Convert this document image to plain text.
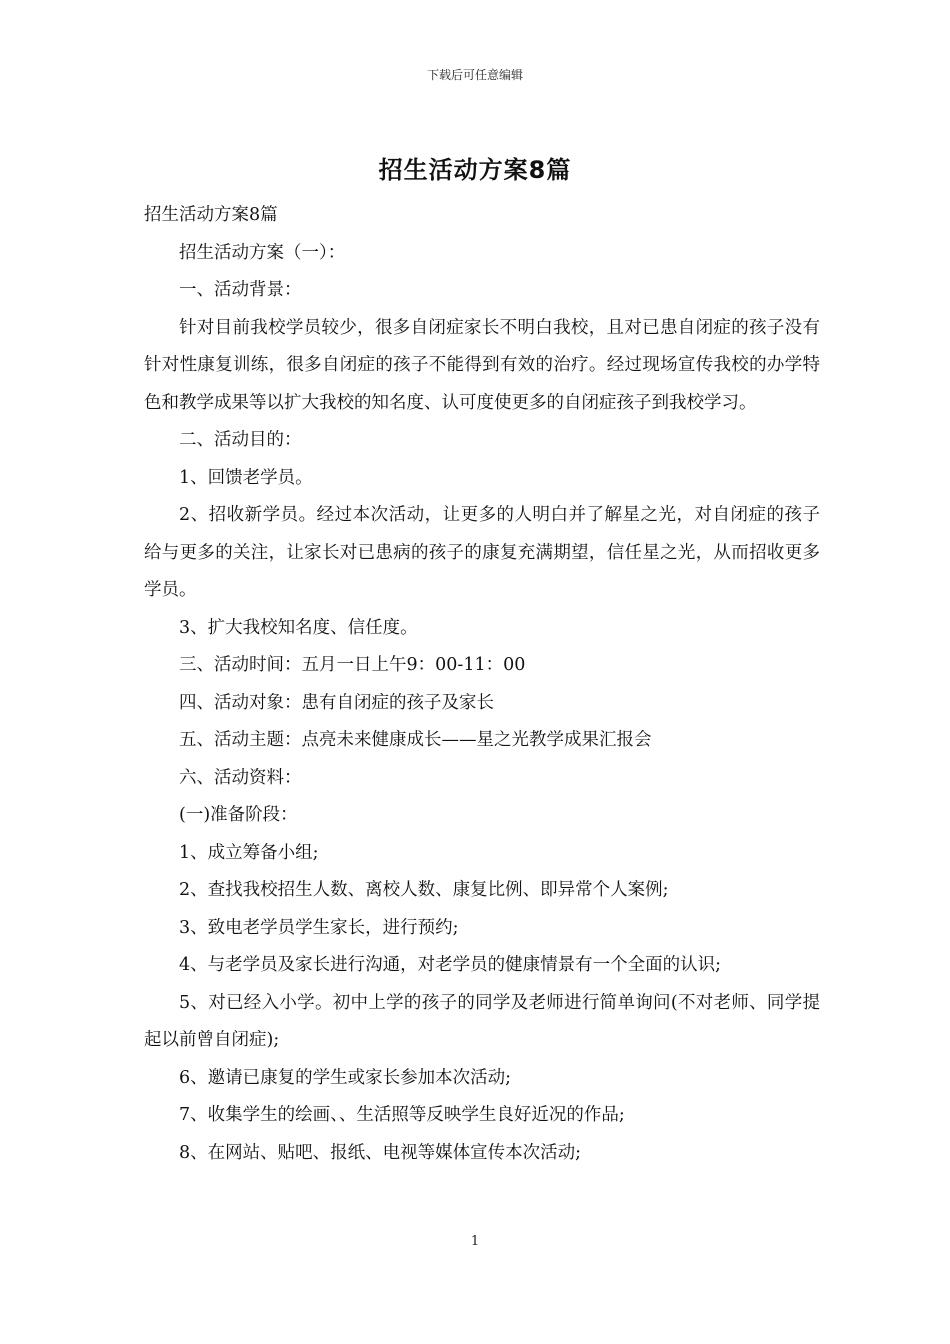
下载后可任意编辑
招生活动方案8篇

招生活动方案8篇

招生活动方案（一）：

一、活动背景：

针对目前我校学员较少，很多自闭症家长不明白我校，且对已患自闭症的孩子没有针对性康复训练，很多自闭症的孩子不能得到有效的治疗。经过现场宣传我校的办学特色和教学成果等以扩大我校的知名度、认可度使更多的自闭症孩子到我校学习。

二、活动目的：

1、回馈老学员。

2、招收新学员。经过本次活动，让更多的人明白并了解星之光，对自闭症的孩子给与更多的关注，让家长对已患病的孩子的康复充满期望，信任星之光，从而招收更多学员。

3、扩大我校知名度、信任度。

三、活动时间：五月一日上午9：00-11：00

四、活动对象：患有自闭症的孩子及家长

五、活动主题：点亮未来健康成长——星之光教学成果汇报会

六、活动资料：

(一)准备阶段：

1、成立筹备小组;

2、查找我校招生人数、离校人数、康复比例、即异常个人案例;

3、致电老学员学生家长，进行预约;

4、与老学员及家长进行沟通，对老学员的健康情景有一个全面的认识;

5、对已经入小学。初中上学的孩子的同学及老师进行简单询问(不对老师、同学提起以前曾自闭症);

6、邀请已康复的学生或家长参加本次活动;

7、收集学生的绘画、、生活照等反映学生良好近况的作品;

8、在网站、贴吧、报纸、电视等媒体宣传本次活动;

1
